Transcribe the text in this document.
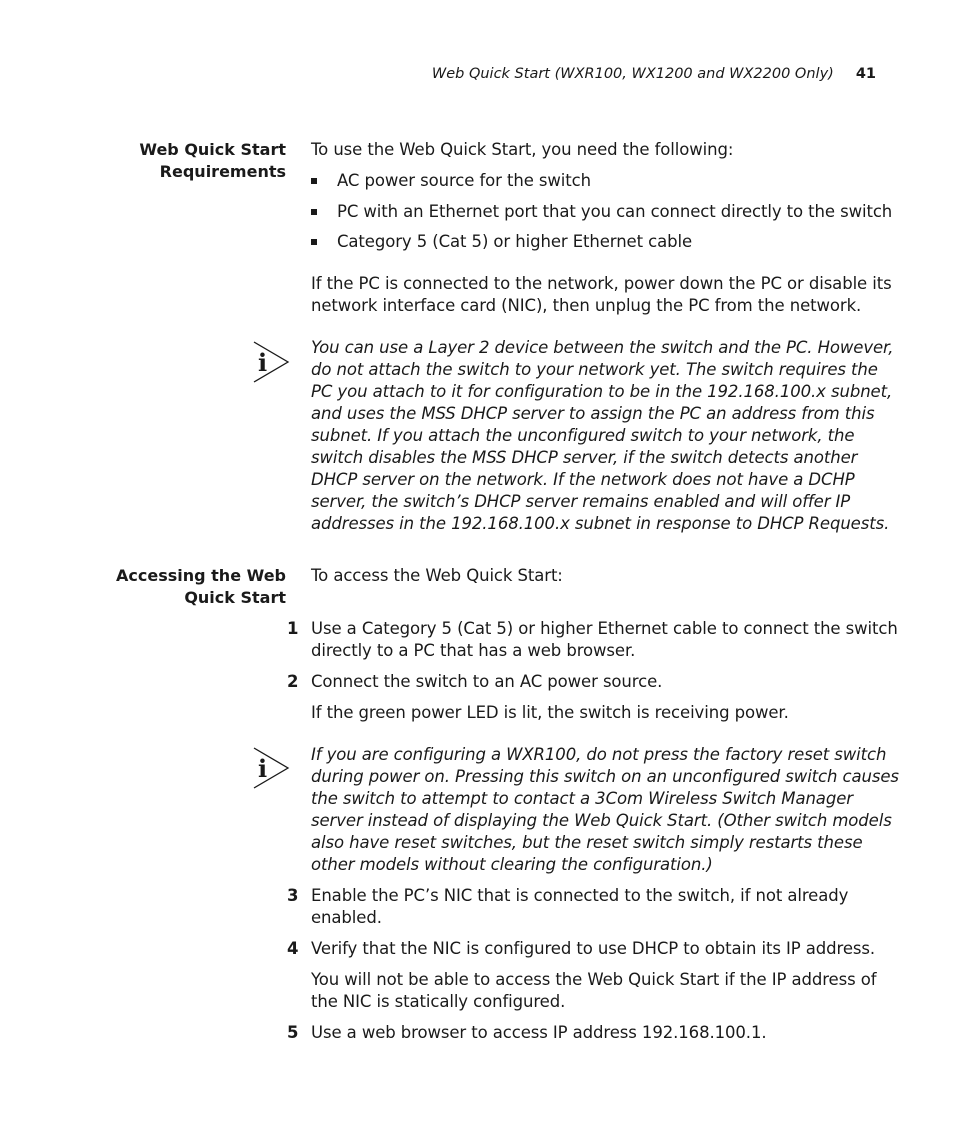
Web Quick Start (WXR100, WX1200 and WX2200 Only) 41
Web Quick Start
Requirements

To use the Web Quick Start, you need the following:

AC power source for the switch
PC with an Ethernet port that you can connect directly to the switch
Category 5 (Cat 5) or higher Ethernet cable

If the PC is connected to the network, power down the PC or disable its network interface card (NIC), then unplug the PC from the network.

i

You can use a Layer 2 device between the switch and the PC. However, do not attach the switch to your network yet. The switch requires the PC you attach to it for configuration to be in the 192.168.100.x subnet, and uses the MSS DHCP server to assign the PC an address from this subnet. If you attach the unconfigured switch to your network, the switch disables the MSS DHCP server, if the switch detects another DHCP server on the network. If the network does not have a DCHP server, the switch’s DHCP server remains enabled and will offer IP addresses in the 192.168.100.x subnet in response to DHCP Requests.

Accessing the Web
Quick Start

To access the Web Quick Start:

1 Use a Category 5 (Cat 5) or higher Ethernet cable to connect the switch directly to a PC that has a web browser.
2 Connect the switch to an AC power source.

If the green power LED is lit, the switch is receiving power.

i	If you are configuring a WXR100, do not press the factory reset switch during power on. Pressing this switch on an unconfigured switch causes the switch to attempt to contact a 3Com Wireless Switch Manager server instead of displaying the Web Quick Start. (Other switch models also have reset switches, but the reset switch simply restarts these other models without clearing the configuration.)

3 Enable the PC’s NIC that is connected to the switch, if not already enabled.
4 Verify that the NIC is configured to use DHCP to obtain its IP address.

You will not be able to access the Web Quick Start if the IP address of the NIC is statically configured.

5 Use a web browser to access IP address 192.168.100.1.
